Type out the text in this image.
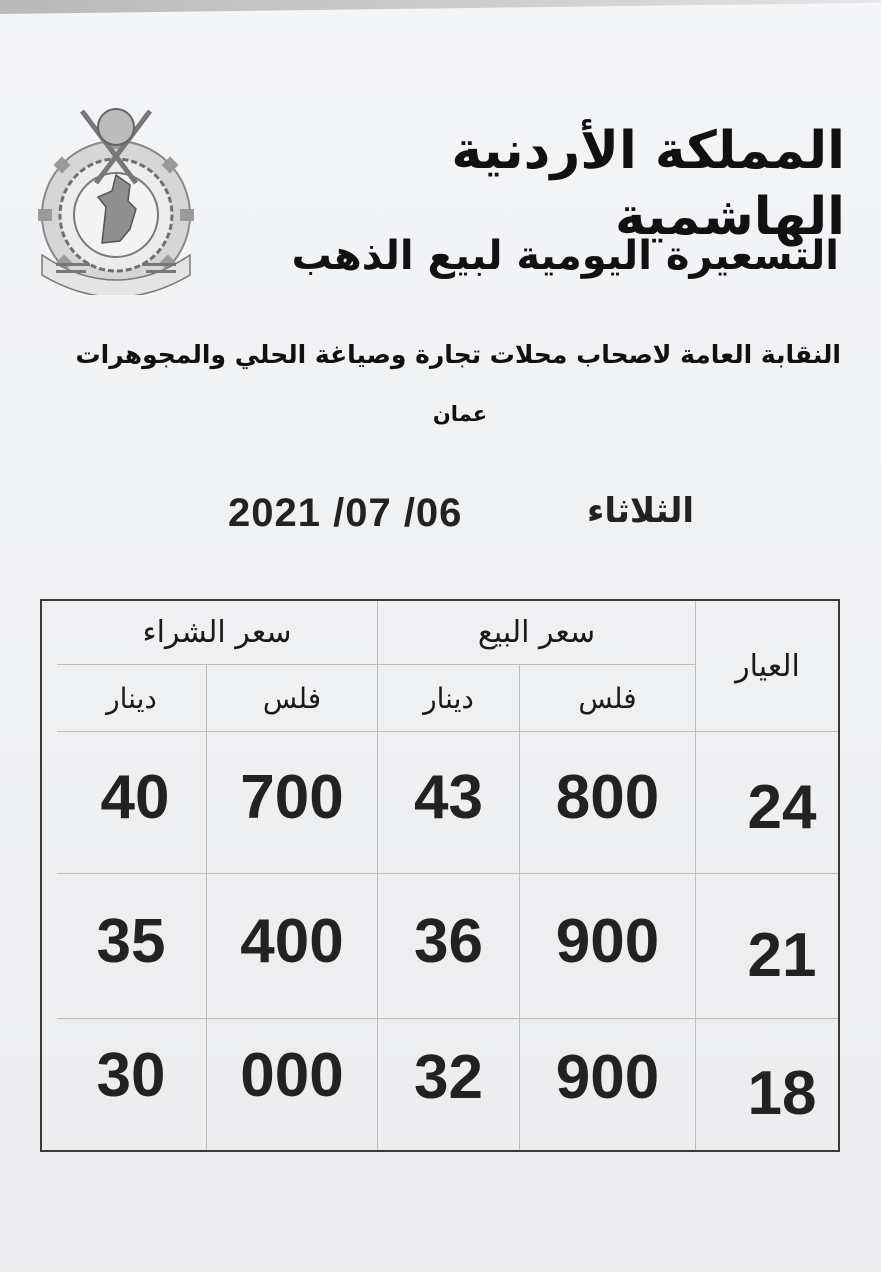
المملكة الأردنية الهاشمية
التسعيرة اليومية لبيع الذهب
النقابة العامة لاصحاب محلات تجارة وصياغة الحلي والمجوهرات
عمان
الثلاثاء
2021 /07 /06
العيار
سعر البيع
سعر الشراء
فلس
دينار
فلس
دينار
24
800
43
700
40
21
900
36
400
35
18
900
32
000
30
